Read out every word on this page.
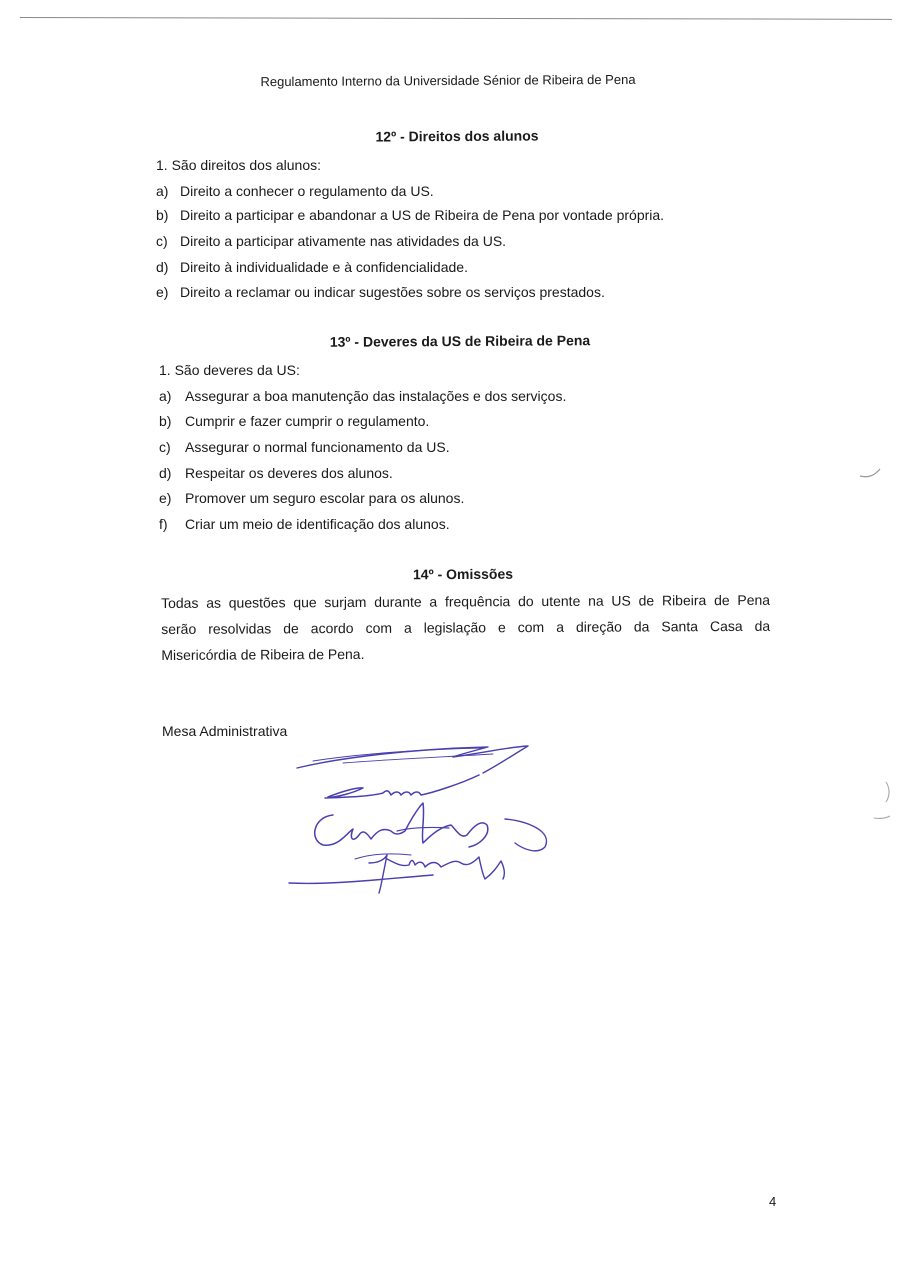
Regulamento Interno da Universidade Sénior de Ribeira de Pena
12º - Direitos dos alunos
1. São direitos dos alunos:
a) Direito a conhecer o regulamento da US.
b) Direito a participar e abandonar a US de Ribeira de Pena por vontade própria.
c) Direito a participar ativamente nas atividades da US.
d) Direito à individualidade e à confidencialidade.
e) Direito a reclamar ou indicar sugestões sobre os serviços prestados.
13º - Deveres da US de Ribeira de Pena
1. São deveres da US:
a) Assegurar a boa manutenção das instalações e dos serviços.
b) Cumprir e fazer cumprir o regulamento.
c)	Assegurar o normal funcionamento da US.
d) Respeitar os deveres dos alunos.
e) Promover um seguro escolar para os alunos.
f)	Criar um meio de identificação dos alunos.
14º - Omissões
Todas as questões que surjam durante a frequência do utente na US de Ribeira de Pena
serão resolvidas de acordo com a legislação e com a direção da Santa Casa da
Misericórdia de Ribeira de Pena.
Mesa Administrativa
4
